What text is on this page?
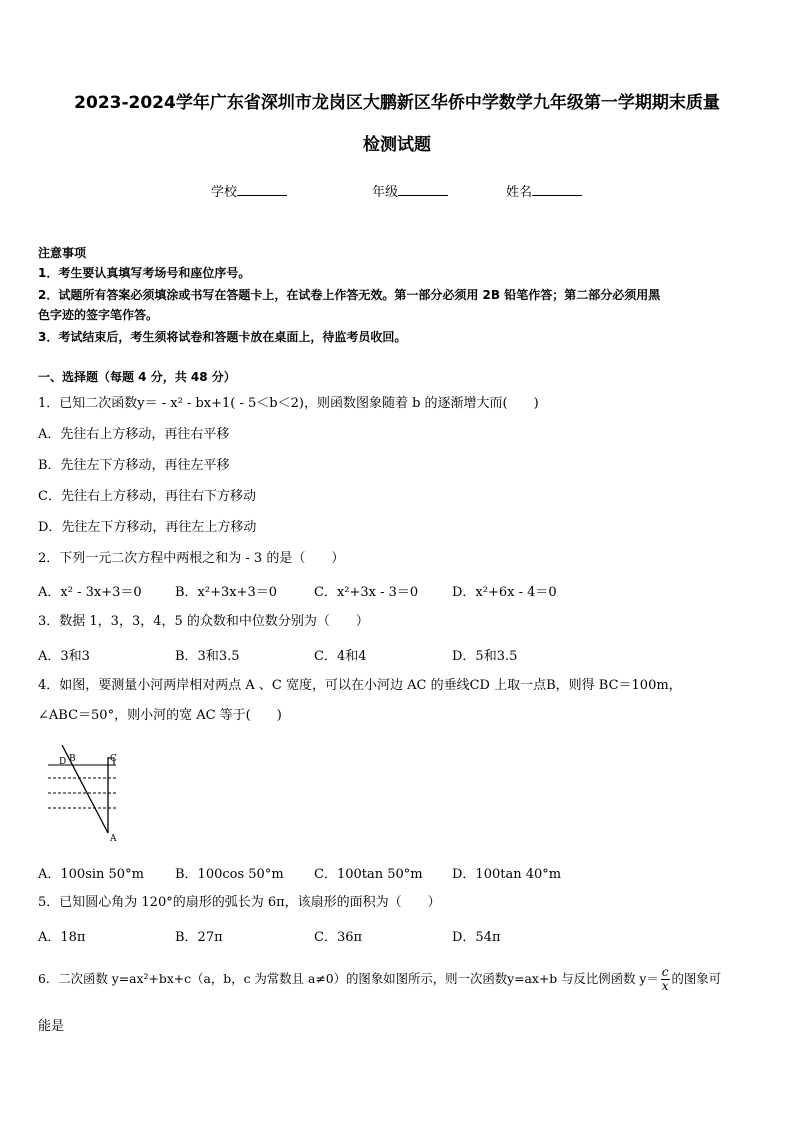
2023-2024学年广东省深圳市龙岗区大鹏新区华侨中学数学九年级第一学期期末质量
检测试题
学校	年级	姓名
注意事项
1．考生要认真填写考场号和座位序号。
2．试题所有答案必须填涂或书写在答题卡上，在试卷上作答无效。第一部分必须用 2B 铅笔作答；第二部分必须用黑
色字迹的签字笔作答。
3．考试结束后，考生须将试卷和答题卡放在桌面上，待监考员收回。
一、选择题（每题 4 分，共 48 分）
1．已知二次函数y＝ - x² - bx+1( - 5＜b＜2)，则函数图象随着 b 的逐渐增大而(　　)
A．先往右上方移动，再往右平移
B．先往左下方移动，再往左平移
C．先往右上方移动，再往右下方移动
D．先往左下方移动，再往左上方移动
2．下列一元二次方程中两根之和为 - 3 的是（　　）
A．x² - 3x+3＝0	B．x²+3x+3＝0	C．x²+3x - 3＝0	D．x²+6x - 4＝0
3．数据 1，3，3，4，5 的众数和中位数分别为（　　）
A．3和3	B．3和3.5	C．4和4	D．5和3.5
4．如图，要测量小河两岸相对两点 A 、C 宽度，可以在小河边 AC 的垂线CD 上取一点B，则得 BC＝100m，
∠ABC＝50°，则小河的宽 AC 等于(　　)
D B	C
A
A．100sin 50°m B．100cos 50°m C．100tan 50°m D．100tan 40°m
5．已知圆心角为 120°的扇形的弧长为 6π，该扇形的面积为（　　）
A．18π	B．27π	C．36π	D．54π
6．二次函数 y=ax²+bx+c（a，b，c 为常数且 a≠0）的图象如图所示，则一次函数y=ax+b 与反比例函数 $y= \frac{c}{x}$ 的图象可
能是
